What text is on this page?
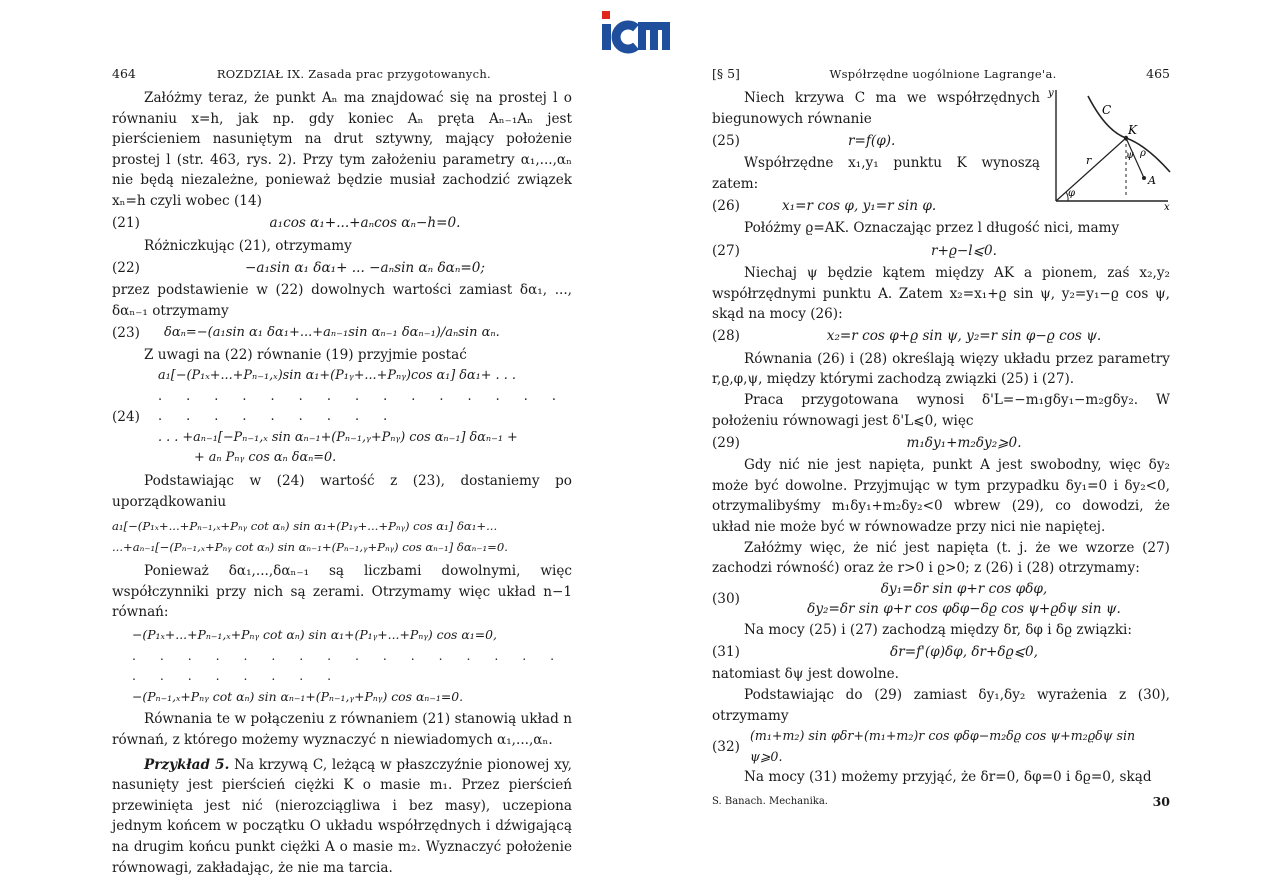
icm
464	ROZDZIAŁ IX. Zasada prac przygotowanych.

Załóżmy teraz, że punkt Aₙ ma znajdować się na prostej l o równaniu x=h, jak np. gdy koniec Aₙ pręta Aₙ₋₁Aₙ jest pierścieniem nasuniętym na drut sztywny, mający położenie prostej l (str. 463, rys. 2). Przy tym założeniu parametry α₁,...,αₙ nie będą niezależne, ponieważ będzie musiał zachodzić związek xₙ=h czyli wobec (14)

(21)	a₁cos α₁+...+aₙcos αₙ−h=0.

Różniczkując (21), otrzymamy

(22)	−a₁sin α₁ δα₁+ ... −aₙsin αₙ δαₙ=0;

przez podstawienie w (22) dowolnych wartości zamiast δα₁, ..., δαₙ₋₁ otrzymamy

(23)	δαₙ=−(a₁sin α₁ δα₁+...+aₙ₋₁sin αₙ₋₁ δαₙ₋₁)/aₙsin αₙ.

Z uwagi na (22) równanie (19) przyjmie postać

(24)
a₁[−(P₁ₓ+...+Pₙ₋₁,ₓ)sin α₁+(P₁ᵧ+...+Pₙᵧ)cos α₁] δα₁+ . . .
. . . . . . . . . . . . . . . . . . . . . . . .
. . . +aₙ₋₁[−Pₙ₋₁,ₓ sin αₙ₋₁+(Pₙ₋₁,ᵧ+Pₙᵧ) cos αₙ₋₁] δαₙ₋₁ +
+ aₙ Pₙᵧ cos αₙ δαₙ=0.

Podstawiając w (24) wartość z (23), dostaniemy po uporządkowaniu

a₁[−(P₁ₓ+...+Pₙ₋₁,ₓ+Pₙᵧ cot αₙ) sin α₁+(P₁ᵧ+...+Pₙᵧ) cos α₁] δα₁+...
...+aₙ₋₁[−(Pₙ₋₁,ₓ+Pₙᵧ cot αₙ) sin αₙ₋₁+(Pₙ₋₁,ᵧ+Pₙᵧ) cos αₙ₋₁] δαₙ₋₁=0.

Ponieważ δα₁,...,δαₙ₋₁ są liczbami dowolnymi, więc współczynniki przy nich są zerami. Otrzymamy więc układ n−1 równań:

−(P₁ₓ+...+Pₙ₋₁,ₓ+Pₙᵧ cot αₙ) sin α₁+(P₁ᵧ+...+Pₙᵧ) cos α₁=0,
. . . . . . . . . . . . . . . . . . . . . . . .
−(Pₙ₋₁,ₓ+Pₙᵧ cot αₙ) sin αₙ₋₁+(Pₙ₋₁,ᵧ+Pₙᵧ) cos αₙ₋₁=0.

Równania te w połączeniu z równaniem (21) stanowią układ n równań, z którego możemy wyznaczyć n niewiadomych α₁,...,αₙ.

Przykład 5. Na krzywą C, leżącą w płaszczyźnie pionowej xy, nasunięty jest pierścień ciężki K o masie m₁. Przez pierścień przewinięta jest nić (nierozciągliwa i bez masy), uczepiona jednym końcem w początku O układu współrzędnych i dźwigającą na drugim końcu punkt ciężki A o masie m₂. Wyznaczyć położenie równowagi, zakładając, że nie ma tarcia.

[§ 5]	Współrzędne uogólnione Lagrange'a.	465
y
x
C
K
r
φ
ψ ρ
A

Niech krzywa C ma we współrzędnych biegunowych równanie

(25)	r=f(φ).

Współrzędne x₁,y₁ punktu K wynoszą zatem:

(26)	x₁=r cos φ, y₁=r sin φ.

Połóżmy ϱ=AK. Oznaczając przez l długość nici, mamy

(27)	r+ϱ−l⩽0.

Niechaj ψ będzie kątem między AK a pionem, zaś x₂,y₂ współrzędnymi punktu A. Zatem x₂=x₁+ϱ sin ψ, y₂=y₁−ϱ cos ψ, skąd na mocy (26):

(28)	x₂=r cos φ+ϱ sin ψ, y₂=r sin φ−ϱ cos ψ.

Równania (26) i (28) określają więzy układu przez parametry r,ϱ,φ,ψ, między którymi zachodzą związki (25) i (27).

Praca przygotowana wynosi δ'L=−m₁gδy₁−m₂gδy₂. W położeniu równowagi jest δ'L⩽0, więc

(29)	m₁δy₁+m₂δy₂⩾0.

Gdy nić nie jest napięta, punkt A jest swobodny, więc δy₂ może być dowolne. Przyjmując w tym przypadku δy₁=0 i δy₂<0, otrzymalibyśmy m₁δy₁+m₂δy₂<0 wbrew (29), co dowodzi, że układ nie może być w równowadze przy nici nie napiętej.

Załóżmy więc, że nić jest napięta (t. j. że we wzorze (27) zachodzi równość) oraz że r>0 i ϱ>0; z (26) i (28) otrzymamy:

(30)
δy₁=δr sin φ+r cos φδφ,
δy₂=δr sin φ+r cos φδφ−δϱ cos ψ+ϱδψ sin ψ.

Na mocy (25) i (27) zachodzą między δr, δφ i δϱ związki:

(31)	δr=f'(φ)δφ, δr+δϱ⩽0,

natomiast δψ jest dowolne.

Podstawiając do (29) zamiast δy₁,δy₂ wyrażenia z (30), otrzymamy

(32)
(m₁+m₂) sin φδr+(m₁+m₂)r cos φδφ−m₂δϱ cos ψ+m₂ϱδψ sin ψ⩾0.

Na mocy (31) możemy przyjąć, że δr=0, δφ=0 i δϱ=0, skąd

S. Banach. Mechanika.	30
